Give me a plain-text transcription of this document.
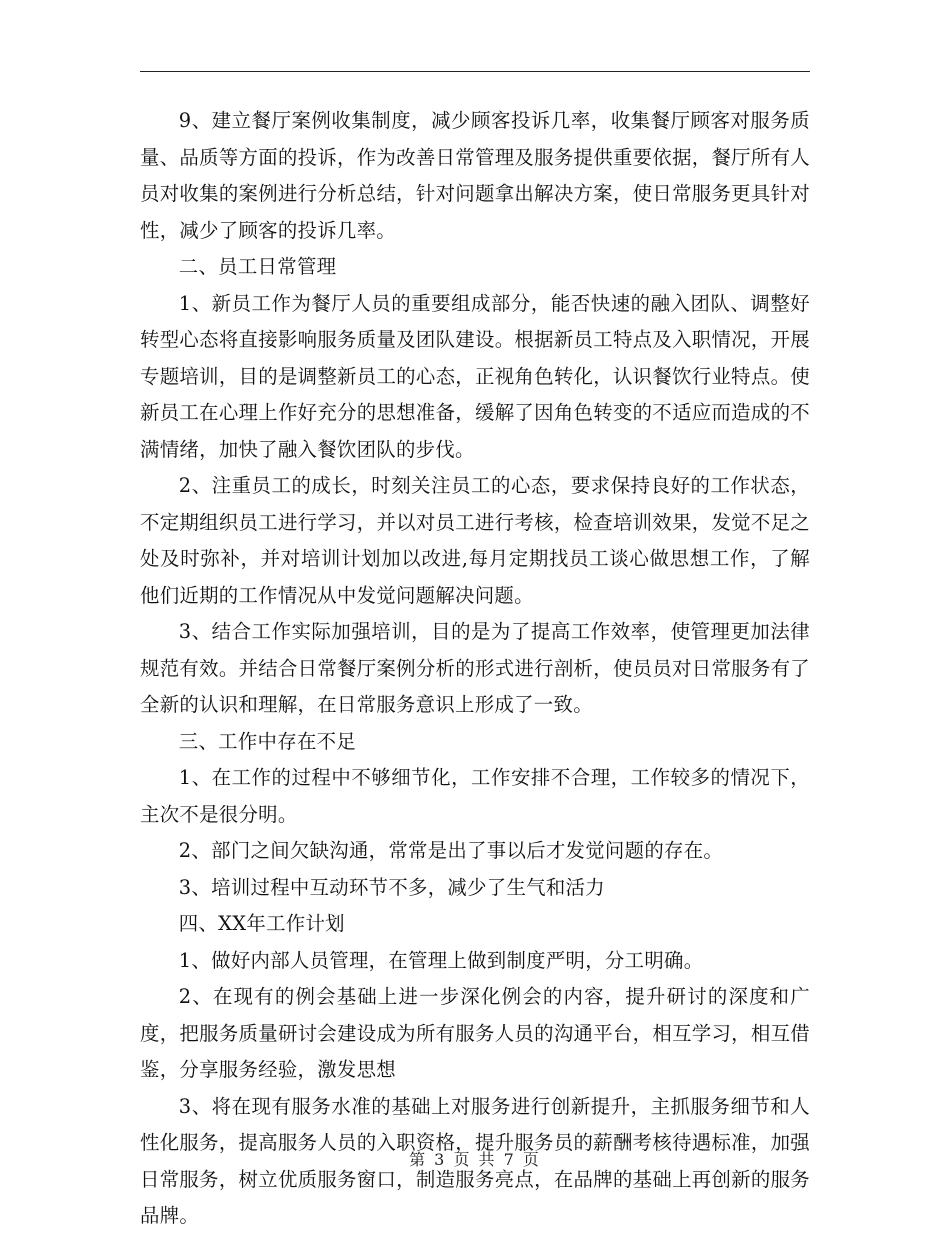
9、建立餐厅案例收集制度，减少顾客投诉几率，收集餐厅顾客对服务质量、品质等方面的投诉，作为改善日常管理及服务提供重要依据，餐厅所有人员对收集的案例进行分析总结，针对问题拿出解决方案，使日常服务更具针对性，减少了顾客的投诉几率。

二、员工日常管理

1、新员工作为餐厅人员的重要组成部分，能否快速的融入团队、调整好转型心态将直接影响服务质量及团队建设。根据新员工特点及入职情况，开展专题培训，目的是调整新员工的心态，正视角色转化，认识餐饮行业特点。使新员工在心理上作好充分的思想准备，缓解了因角色转变的不适应而造成的不满情绪，加快了融入餐饮团队的步伐。

2、注重员工的成长，时刻关注员工的心态，要求保持良好的工作状态，不定期组织员工进行学习，并以对员工进行考核，检查培训效果，发觉不足之处及时弥补，并对培训计划加以改进,每月定期找员工谈心做思想工作，了解他们近期的工作情况从中发觉问题解决问题。

3、结合工作实际加强培训，目的是为了提高工作效率，使管理更加法律规范有效。并结合日常餐厅案例分析的形式进行剖析，使员员对日常服务有了全新的认识和理解，在日常服务意识上形成了一致。

三、工作中存在不足

1、在工作的过程中不够细节化，工作安排不合理，工作较多的情况下，主次不是很分明。

2、部门之间欠缺沟通，常常是出了事以后才发觉问题的存在。

3、培训过程中互动环节不多，减少了生气和活力

四、XX年工作计划

1、做好内部人员管理，在管理上做到制度严明，分工明确。

2、在现有的例会基础上进一步深化例会的内容，提升研讨的深度和广度，把服务质量研讨会建设成为所有服务人员的沟通平台，相互学习，相互借鉴，分享服务经验，激发思想

3、将在现有服务水准的基础上对服务进行创新提升，主抓服务细节和人性化服务，提高服务人员的入职资格，提升服务员的薪酬考核待遇标准，加强日常服务，树立优质服务窗口，制造服务亮点，在品牌的基础上再创新的服务品牌。

第 3 页 共 7 页
